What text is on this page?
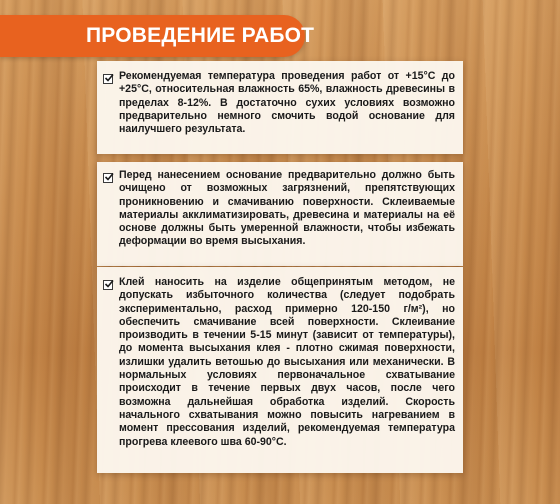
ПРОВЕДЕНИЕ РАБОТ

Рекомендуемая температура проведения работ от +15°С до +25°С, относительная влажность 65%, влажность древесины в пределах 8-12%. В достаточно сухих условиях возможно предварительно немного смочить водой основание для наилучшего результата.

Перед нанесением основание предварительно должно быть очищено от возможных загрязнений, препятствующих проникновению и смачиванию поверхности. Склеиваемые материалы акклиматизировать, древесина и материалы на её основе должны быть умеренной влажности, чтобы избежать деформации во время высыхания.

Клей наносить на изделие общепринятым методом, не допускать избыточного количества (следует подобрать экспериментально, расход примерно 120-150 г/м²), но обеспечить смачивание всей поверхности. Склеивание производить в течении 5-15 минут (зависит от температуры), до момента высыхания клея - плотно сжимая поверхности, излишки удалить ветошью до высыхания или механически. В нормальных условиях первоначальное схватывание происходит в течение первых двух часов, после чего возможна дальнейшая обработка изделий. Скорость начального схватывания можно повысить нагреванием в момент прессования изделий, рекомендуемая температура прогрева клеевого шва 60-90°С.
